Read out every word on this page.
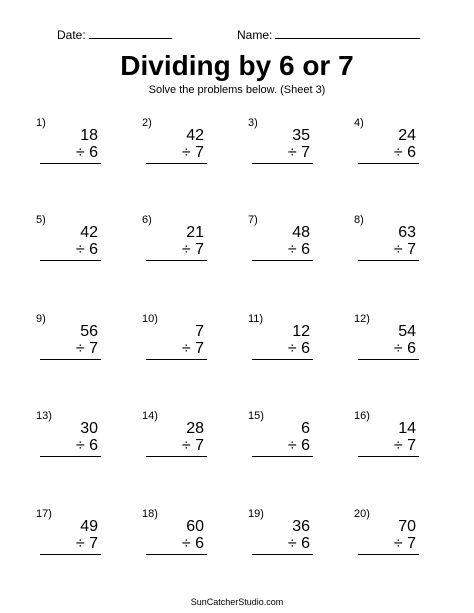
Date:	Name:
Dividing by 6 or 7
Solve the problems below. (Sheet 3)
1)
18
÷ 6
2)
42
÷ 7
3)
35
÷ 7
4)
24
÷ 6
5)
42
÷ 6
6)
21
÷ 7
7)
48
÷ 6
8)
63
÷ 7
9)
56
÷ 7
10)
7
÷ 7
11)
12
÷ 6
12)
54
÷ 6
13)
30
÷ 6
14)
28
÷ 7
15)
6
÷ 6
16)
14
÷ 7
17)
49
÷ 7
18)
60
÷ 6
19)
36
÷ 6
20)
70
÷ 7
SunCatcherStudio.com
